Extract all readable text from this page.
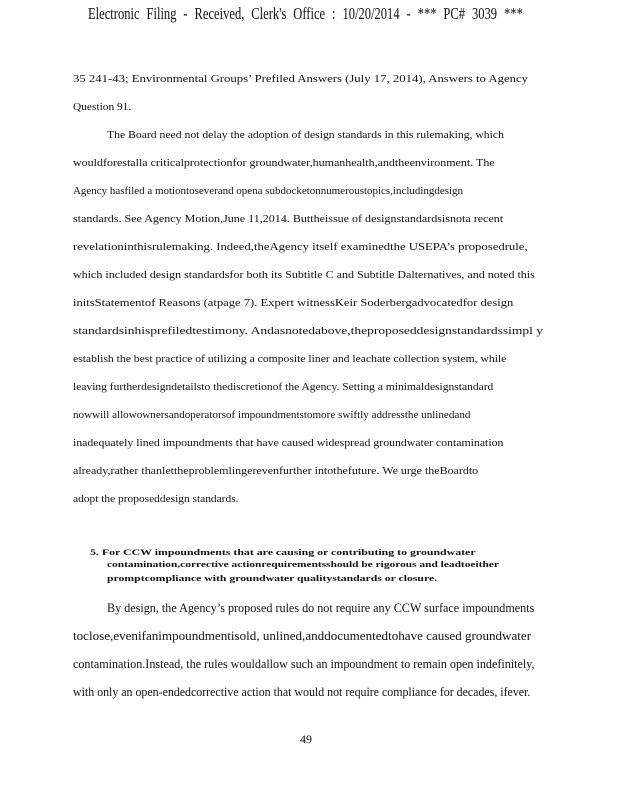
Electronic Filing - Received, Clerk's Office : 10/20/2014 - *** PC# 3039 ***
35 241-43; Environmental Groups’ Prefiled Answers (July 17, 2014), Answers to Agency
Question 91.
The Board need not delay the adoption of design standards in this rulemaking, which
wouldforestalla criticalprotectionfor groundwater,humanhealth,andtheenvironment. The
Agency hasfiled a motiontoseverand opena subdocketonnumeroustopics,includingdesign
standards. See Agency Motion,June 11,2014. Buttheissue of designstandardsisnota recent
revelationinthisrulemaking. Indeed,theAgency itself examinedthe USEPA’s proposedrule,
which included design standardsfor both its Subtitle C and Subtitle Dalternatives, and noted this
initsStatementof Reasons (atpage 7). Expert witnessKeir Soderbergadvocatedfor design
standardsinhisprefiledtestimony. Andasnotedabove,theproposeddesignstandardssimpl y
establish the best practice of utilizing a composite liner and leachate collection system, while
leaving furtherdesigndetailsto thediscretionof the Agency. Setting a minimaldesignstandard
nowwill allowownersandoperatorsof impoundmentstomore swiftly addressthe unlinedand
inadequately lined impoundments that have caused widespread groundwater contamination
already,rather thanlettheproblemlingerevenfurther intothefuture. We urge theBoardto
adopt the proposeddesign standards.
5. For CCW impoundments that are causing or contributing to groundwater
contamination,corrective actionrequirementsshould be rigorous and leadtoeither
promptcompliance with groundwater qualitystandards or closure.
By design, the Agency’s proposed rules do not require any CCW surface impoundments
toclose,evenifanimpoundmentisold, unlined,anddocumentedtohave caused groundwater
contamination.Instead, the rules wouldallow such an impoundment to remain open indefinitely,
with only an open-endedcorrective action that would not require compliance for decades, ifever.
49
